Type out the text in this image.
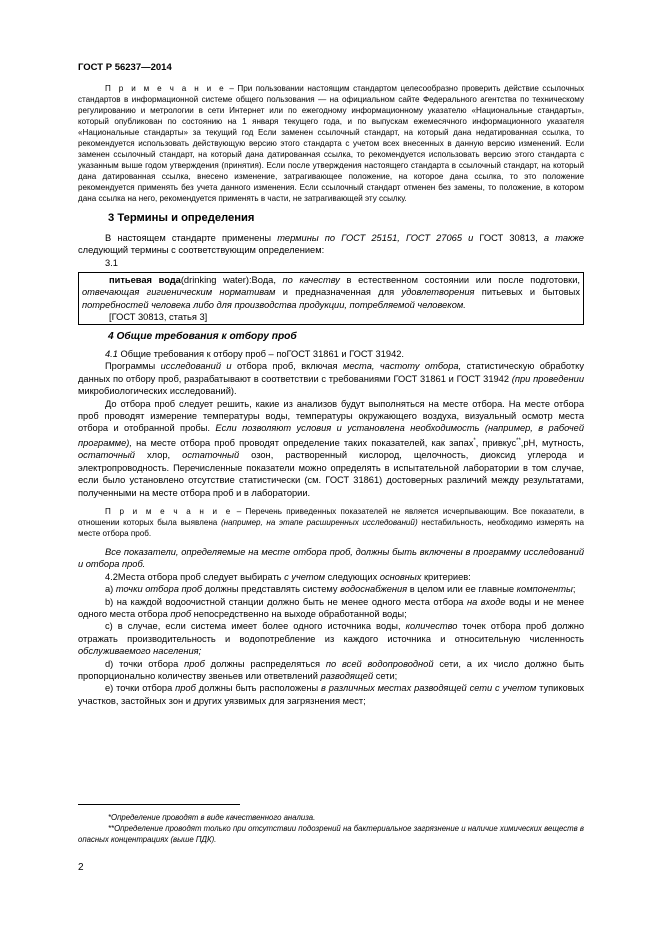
ГОСТ Р 56237—2014

П р и м е ч а н и е – При пользовании настоящим стандартом целесообразно проверить действие ссылочных стандартов в информационной системе общего пользования — на официальном сайте Федерального агентства по техническому регулированию и метрологии в сети Интернет или по ежегодному информационному указателю «Национальные стандарты», который опубликован по состоянию на 1 января текущего года, и по выпускам ежемесячного информационного указателя «Национальные стандарты» за текущий год Если заменен ссылочный стандарт, на который дана недатированная ссылка, то рекомендуется использовать действующую версию этого стандарта с учетом всех внесенных в данную версию изменений. Если заменен ссылочный стандарт, на который дана датированная ссылка, то рекомендуется использовать версию этого стандарта с указанным выше годом утверждения (принятия). Если после утверждения настоящего стандарта в ссылочный стандарт, на который дана датированная ссылка, внесено изменение, затрагивающее положение, на которое дана ссылка, то это положение рекомендуется применять без учета данного изменения. Если ссылочный стандарт отменен без замены, то положение, в котором дана ссылка на него, рекомендуется применять в части, не затрагивающей эту ссылку.

3 Термины и определения

В настоящем стандарте применены термины по ГОСТ 25151, ГОСТ 27065 и ГОСТ 30813, а также следующий термины с соответствующим определением:

3.1

питьевая вода(drinking water):Вода, по качеству в естественном состоянии или после подготовки, отвечающая гигиеническим нормативам и предназначенная для удовлетворения питьевых и бытовых потребностей человека либо для производства продукции, потребляемой человеком.

[ГОСТ 30813, статья 3]

4 Общие требования к отбору проб

4.1 Общие требования к отбору проб – поГОСТ 31861 и ГОСТ 31942.

Программы исследований и отбора проб, включая места, частоту отбора, статистическую обработку данных по отбору проб, разрабатывают в соответствии с требованиями ГОСТ 31861 и ГОСТ 31942 (при проведении микробиологических исследований).

До отбора проб следует решить, какие из анализов будут выполняться на месте отбора. На месте отбора проб проводят измерение температуры воды, температуры окружающего воздуха, визуальный осмотр места отбора и отобранной пробы. Если позволяют условия и установлена необходимость (например, в рабочей программе), на месте отбора проб проводят определение таких показателей, как запах*, привкус**,pH, мутность, остаточный хлор, остаточный озон, растворенный кислород, щелочность, диоксид углерода и электропроводность. Перечисленные показатели можно определять в испытательной лаборатории в том случае, если было установлено отсутствие статистически (см. ГОСТ 31861) достоверных различий между результатами, полученными на месте отбора проб и в лаборатории.

П р и м е ч а н и е – Перечень приведенных показателей не является исчерпывающим. Все показатели, в отношении которых была выявлена (например, на этапе расширенных исследований) нестабильность, необходимо измерять на месте отбора проб.

Все показатели, определяемые на месте отбора проб, должны быть включены в программу исследований и отбора проб.

4.2Места отбора проб следует выбирать с учетом следующих основных критериев:

а) точки отбора проб должны представлять систему водоснабжения в целом или ее главные компоненты;

b) на каждой водоочистной станции должно быть не менее одного места отбора на входе воды и не менее одного места отбора проб непосредственно на выходе обработанной воды;

c) в случае, если система имеет более одного источника воды, количество точек отбора проб должно отражать производительность и водопотребление из каждого источника и относительную численность обслуживаемого населения;

d) точки отбора проб должны распределяться по всей водопроводной сети, а их число должно быть пропорционально количеству звеньев или ответвлений разводящей сети;

e) точки отбора проб должны быть расположены в различных местах разводящей сети с учетом тупиковых участков, застойных зон и других уязвимых для загрязнения мест;

*Определение проводят в виде качественного анализа.

**Определение проводят только при отсутствии подозрений на бактериальное загрязнение и наличие химических веществ в опасных концентрациях (выше ПДК).

2
